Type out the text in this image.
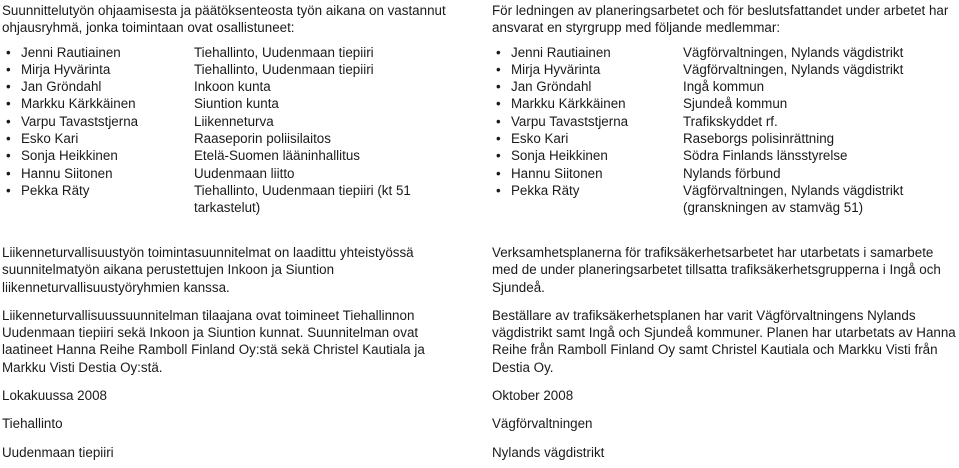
Suunnittelutyön ohjaamisesta ja päätöksenteosta työn aikana on vastannut ohjausryhmä, jonka toimintaan ovat osallistuneet:

• Jenni Rautiainen	Tiehallinto, Uudenmaan tiepiiri
• Mirja Hyvärinta	Tiehallinto, Uudenmaan tiepiiri
• Jan Gröndahl	Inkoon kunta
• Markku Kärkkäinen	Siuntion kunta
• Varpu Tavaststjerna	Liikenneturva
• Esko Kari	Raaseporin poliisilaitos
• Sonja Heikkinen	Etelä-Suomen lääninhallitus
• Hannu Siitonen	Uudenmaan liitto
• Pekka Räty	Tiehallinto, Uudenmaan tiepiiri (kt 51 tarkastelut)

För ledningen av planeringsarbetet och för beslutsfattandet under arbetet har ansvarat en styrgrupp med följande medlemmar:

• Jenni Rautiainen	Vägförvaltningen, Nylands vägdistrikt
• Mirja Hyvärinta	Vägförvaltningen, Nylands vägdistrikt
• Jan Gröndahl	Ingå kommun
• Markku Kärkkäinen	Sjundeå kommun
• Varpu Tavaststjerna	Trafikskyddet rf.
• Esko Kari	Raseborgs polisinrättning
• Sonja Heikkinen	Södra Finlands länsstyrelse
• Hannu Siitonen	Nylands förbund
• Pekka Räty	Vägförvaltningen, Nylands vägdistrikt (granskningen av stamväg 51)

Liikenneturvallisuustyön toimintasuunnitelmat on laadittu yhteistyössä suunnitelmatyön aikana perustettujen Inkoon ja Siuntion liikenneturvallisuustyöryhmien kanssa.

Liikenneturvallisuussuunnitelman tilaajana ovat toimineet Tiehallinnon Uudenmaan tiepiiri sekä Inkoon ja Siuntion kunnat. Suunnitelman ovat laatineet Hanna Reihe Ramboll Finland Oy:stä sekä Christel Kautiala ja Markku Visti Destia Oy:stä.

Lokakuussa 2008

Tiehallinto

Uudenmaan tiepiiri

Verksamhetsplanerna för trafiksäkerhetsarbetet har utarbetats i samarbete med de under planeringsarbetet tillsatta trafiksäkerhetsgrupperna i Ingå och Sjundeå.

Beställare av trafiksäkerhetsplanen har varit Vägförvaltningens Nylands vägdistrikt samt Ingå och Sjundeå kommuner. Planen har utarbetats av Hanna Reihe från Ramboll Finland Oy samt Christel Kautiala och Markku Visti från Destia Oy.

Oktober 2008

Vägförvaltningen

Nylands vägdistrikt
